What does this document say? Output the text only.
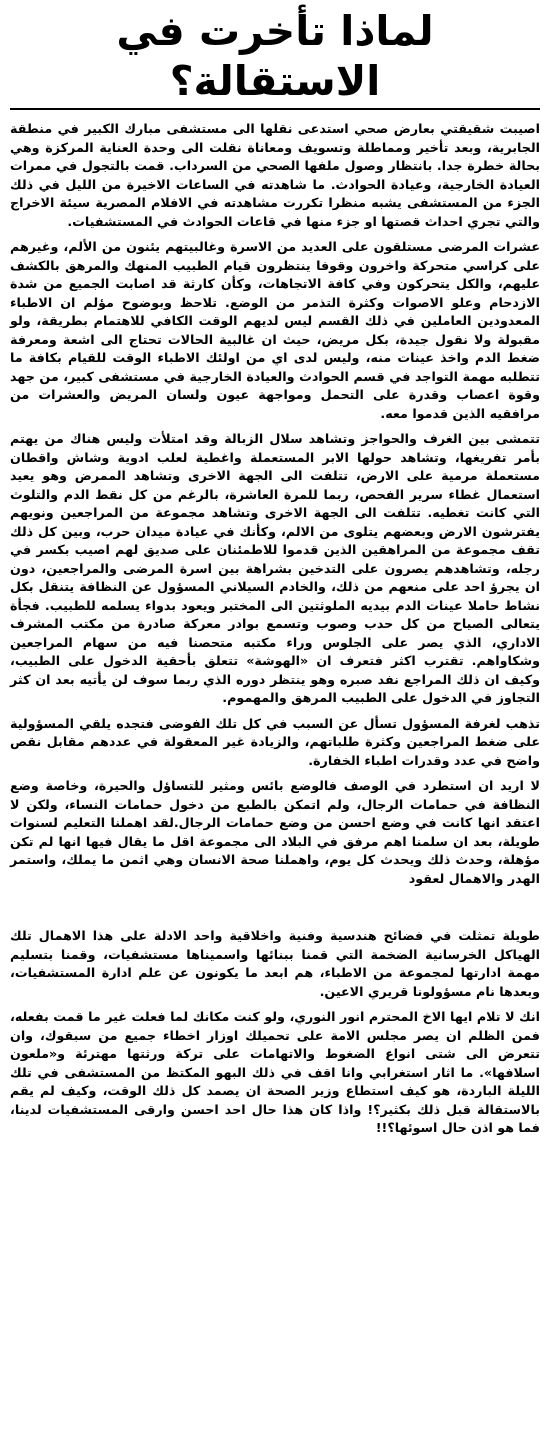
لماذا تأخرت في الاستقالة؟

اصيبت شقيقتي بعارض صحي استدعى نقلها الى مستشفى مبارك الكبير في منطقة الجابرية، وبعد تأخير ومماطلة وتسويف ومعاناة نقلت الى وحدة العناية المركزة وهي بحالة خطرة جدا. بانتظار وصول ملفها الصحي من السرداب. قمت بالتجول في ممرات العيادة الخارجية، وعيادة الحوادث. ما شاهدته في الساعات الاخيرة من الليل في ذلك الجزء من المستشفى يشبه منظرا تكررت مشاهدته في الافلام المصرية سيئة الاخراج والتي تجري احداث قصتها او جزء منها في قاعات الحوادث في المستشفيات.

عشرات المرضى مستلقون على العديد من الاسرة وغالبيتهم يئنون من الألم، وغيرهم على كراسي متحركة واخرون وقوفا ينتظرون قيام الطبيب المنهك والمرهق بالكشف عليهم، والكل يتحركون وفي كافة الاتجاهات، وكأن كارثة قد اصابت الجميع من شدة الازدحام وعلو الاصوات وكثرة التذمر من الوضع. تلاحظ وبوضوح مؤلم ان الاطباء المعدودين العاملين في ذلك القسم ليس لديهم الوقت الكافي للاهتمام بطريقة، ولو مقبولة ولا نقول جيدة، بكل مريض، حيث ان غالبية الحالات تحتاج الى اشعة ومعرفة ضغط الدم واخذ عينات منه، وليس لدى اي من اولئك الاطباء الوقت للقيام بكافة ما تتطلبه مهمة التواجد في قسم الحوادث والعيادة الخارجية في مستشفى كبير، من جهد وقوة اعصاب وقدرة على التحمل ومواجهة عيون ولسان المريض والعشرات من مرافقيه الذين قدموا معه.

تتمشى بين الغرف والحواجز وتشاهد سلال الزبالة وقد امتلأت وليس هناك من يهتم بأمر تفريغها، وتشاهد حولها الابر المستعملة واغطية لعلب ادوية وشاش واقطان مستعملة مرمية على الارض، تتلفت الى الجهة الاخرى وتشاهد الممرض وهو يعيد استعمال غطاء سرير الفحص، ربما للمرة العاشرة، بالرغم من كل نقط الدم والتلوث التي كانت تغطيه. تتلفت الى الجهة الاخرى وتشاهد مجموعة من المراجعين ونويهم يفترشون الارض وبعضهم يتلوى من الالم، وكأنك في عيادة ميدان حرب، وبين كل ذلك تقف مجموعة من المراهقين الذين قدموا للاطمئنان على صديق لهم اصيب بكسر في رجله، وتشاهدهم يصرون على التدخين بشراهة بين اسرة المرضى والمراجعين، دون ان يجرؤ احد على منعهم من ذلك، والخادم السيلاني المسؤول عن النظافة يتنقل بكل نشاط حاملا عينات الدم بيديه الملوثتين الى المختبر ويعود بدواء يسلمه للطبيب. فجأة يتعالى الصياح من كل حدب وصوب وتسمع بوادر معركة صادرة من مكتب المشرف الاداري، الذي يصر على الجلوس وراء مكتبه متحصنا فيه من سهام المراجعين وشكاواهم. تقترب اكثر فتعرف ان «الهوشة» تتعلق بأحقية الدخول على الطبيب، وكيف ان ذلك المراجع نفد صبره وهو ينتظر دوره الذي ربما سوف لن يأتيه بعد ان كثر التجاوز في الدخول على الطبيب المرهق والمهموم.

تذهب لغرفة المسؤول تسأل عن السبب في كل تلك الفوضى فتجده يلقي المسؤولية على ضغط المراجعين وكثرة طلباتهم، والزيادة غير المعقولة في عددهم مقابل نقص واضح في عدد وقدرات اطباء الخفارة.

لا اريد ان استطرد في الوصف فالوضع بائس ومثير للتساؤل والحيرة، وخاصة وضع النظافة في حمامات الرجال، ولم اتمكن بالطبع من دخول حمامات النساء، ولكن لا اعتقد انها كانت في وضع احسن من وضع حمامات الرجال.لقد اهملنا التعليم لسنوات طويلة، بعد ان سلمنا اهم مرفق في البلاد الى مجموعة اقل ما يقال فيها انها لم تكن مؤهلة، وحدث ذلك ويحدث كل يوم، واهملنا صحة الانسان وهي اثمن ما يملك، واستمر الهدر والاهمال لعقود

طويلة تمثلت في فضائح هندسية وفنية واخلاقية واحد الادلة على هذا الاهمال تلك الهياكل الخرسانية الضخمة التي قمنا ببنائها واسميناها مستشفيات، وقمنا بتسليم مهمة ادارتها لمجموعة من الاطباء، هم ابعد ما يكونون عن علم ادارة المستشفيات، وبعدها نام مسؤولونا قريري الاعين.

انك لا تلام ايها الاخ المحترم انور النوري، ولو كنت مكانك لما فعلت غير ما قمت بفعله، فمن الظلم ان يصر مجلس الامة على تحميلك اوزار اخطاء جميع من سبقوك، وان تتعرض الى شتى انواع الضغوط والاتهامات على تركة ورثتها مهترئة و«ملعون اسلافها». ما اثار استغرابي وانا اقف في ذلك البهو المكتظ من المستشفى في تلك الليلة الباردة، هو كيف استطاع وزير الصحة ان يصمد كل ذلك الوقت، وكيف لم يقم بالاستقالة قبل ذلك بكثير؟! واذا كان هذا حال احد احسن وارقى المستشفيات لدينا، فما هو اذن حال اسوئها؟!!
